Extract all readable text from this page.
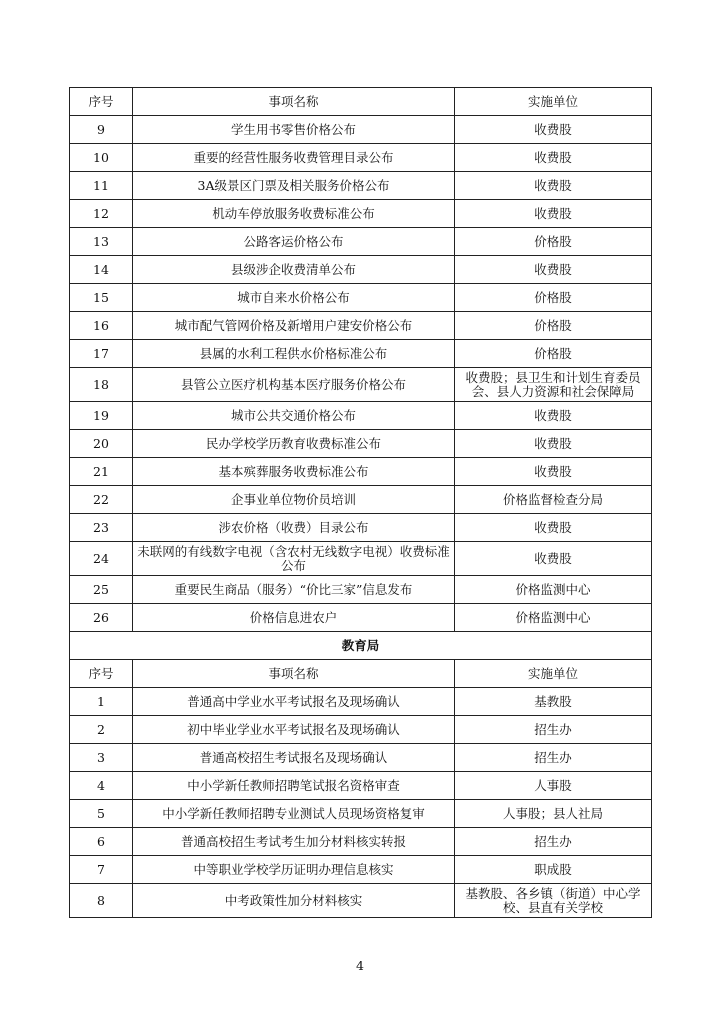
序号	事项名称	实施单位
9	学生用书零售价格公布	收费股
10	重要的经营性服务收费管理目录公布	收费股
11	3A级景区门票及相关服务价格公布	收费股
12	机动车停放服务收费标准公布	收费股
13	公路客运价格公布	价格股
14	县级涉企收费清单公布	收费股
15	城市自来水价格公布	价格股
16	城市配气管网价格及新增用户建安价格公布	价格股
17	县属的水利工程供水价格标准公布	价格股
18	县管公立医疗机构基本医疗服务价格公布	收费股；县卫生和计划生育委员会、县人力资源和社会保障局
19	城市公共交通价格公布	收费股
20	民办学校学历教育收费标准公布	收费股
21	基本殡葬服务收费标准公布	收费股
22	企事业单位物价员培训	价格监督检查分局
23	涉农价格（收费）目录公布	收费股
24	未联网的有线数字电视（含农村无线数字电视）收费标准公布	收费股
25	重要民生商品（服务）“价比三家”信息发布	价格监测中心
26	价格信息进农户	价格监测中心
教育局		
序号	事项名称	实施单位
1	普通高中学业水平考试报名及现场确认	基教股
2	初中毕业学业水平考试报名及现场确认	招生办
3	普通高校招生考试报名及现场确认	招生办
4	中小学新任教师招聘笔试报名资格审查	人事股
5	中小学新任教师招聘专业测试人员现场资格复审	人事股；县人社局
6	普通高校招生考试考生加分材料核实转报	招生办
7	中等职业学校学历证明办理信息核实	职成股
8	中考政策性加分材料核实	基教股、各乡镇（街道）中心学校、县直有关学校
4
